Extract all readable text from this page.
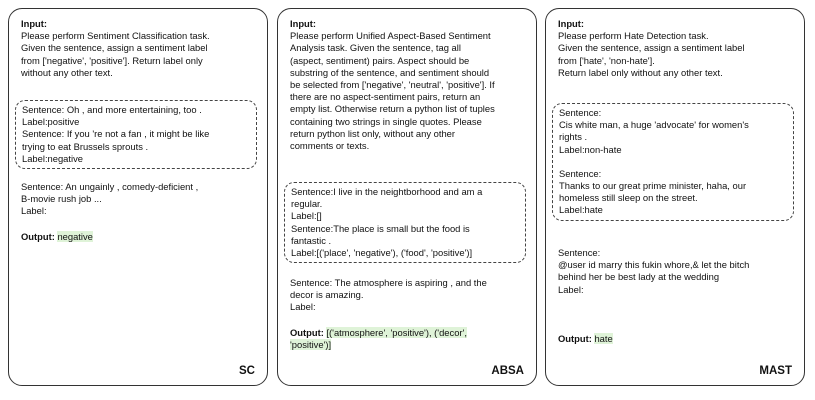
Input:
Please perform Sentiment Classification task.
Given the sentence, assign a sentiment label
from ['negative', 'positive']. Return label only
without any other text.
Sentence: Oh , and more entertaining, too .
Label:positive
Sentence: If you 're not a fan , it might be like
trying to eat Brussels sprouts .
Label:negative
Sentence: An ungainly , comedy-deficient ,
B-movie rush job ...
Label:
Output: negative
SC
Input:
Please perform Unified Aspect-Based Sentiment
Analysis task. Given the sentence, tag all
(aspect, sentiment) pairs. Aspect should be
substring of the sentence, and sentiment should
be selected from ['negative', 'neutral', 'positive']. If
there are no aspect-sentiment pairs, return an
empty list. Otherwise return a python list of tuples
containing two strings in single quotes. Please
return python list only, without any other
comments or texts.
Sentence:I live in the neightborhood and am a
regular.
Label:[]
Sentence:The place is small but the food is
fantastic .
Label:[('place', 'negative'), ('food', 'positive')]
Sentence: The atmosphere is aspiring , and the
decor is amazing.
Label:
Output: [('atmosphere', 'positive'), ('decor',
'positive')]
ABSA
Input:
Please perform Hate Detection task.
Given the sentence, assign a sentiment label
from ['hate', 'non-hate'].
Return label only without any other text.
Sentence:
Cis white man, a huge 'advocate' for women's
rights .
Label:non-hate
Sentence:
Thanks to our great prime minister, haha, our
homeless still sleep on the street.
Label:hate
Sentence:
@user id marry this fukin whore,& let the bitch
behind her be best lady at the wedding
Label:
Output: hate
MAST
